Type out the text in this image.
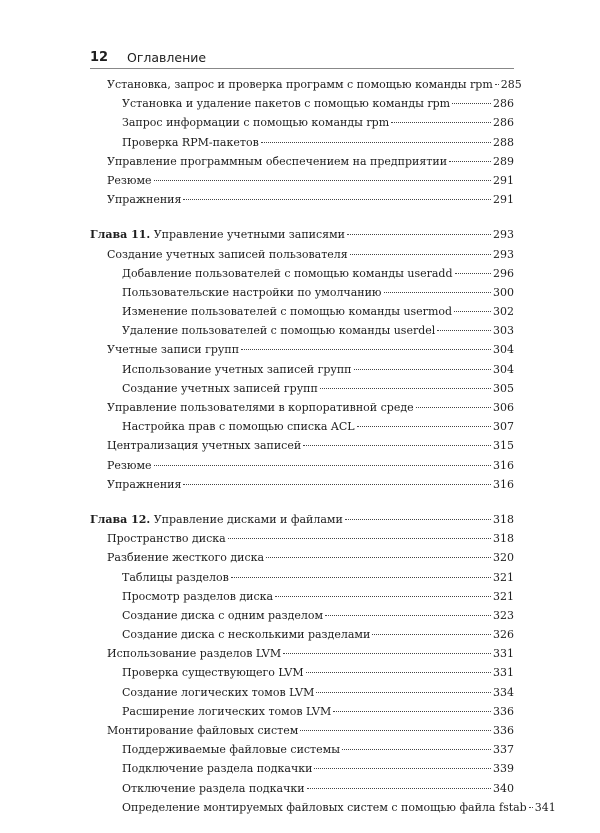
12 Оглавление
Установка, запрос и проверка программ с помощью команды rpm 285
Установка и удаление пакетов с помощью команды rpm	286
Запрос информации с помощью команды rpm	286
Проверка RPM-пакетов	288
Управление программным обеспечением на предприятии	289
Резюме	291
Упражнения	291
Глава 11. Управление учетными записями	293
Создание учетных записей пользователя	293
Добавление пользователей с помощью команды useradd	296
Пользовательские настройки по умолчанию	300
Изменение пользователей с помощью команды usermod	302
Удаление пользователей с помощью команды userdel	303
Учетные записи групп	304
Использование учетных записей групп	304
Создание учетных записей групп	305
Управление пользователями в корпоративной среде	306
Настройка прав с помощью списка ACL	307
Централизация учетных записей	315
Резюме	316
Упражнения	316
Глава 12. Управление дисками и файлами	318
Пространство диска	318
Разбиение жесткого диска	320
Таблицы разделов	321
Просмотр разделов диска	321
Создание диска с одним разделом	323
Создание диска с несколькими разделами	326
Использование разделов LVM	331
Проверка существующего LVM	331
Создание логических томов LVM	334
Расширение логических томов LVM	336
Монтирование файловых систем	336
Поддерживаемые файловые системы	337
Подключение раздела подкачки	339
Отключение раздела подкачки	340
Определение монтируемых файловых систем с помощью файла fstab 341
